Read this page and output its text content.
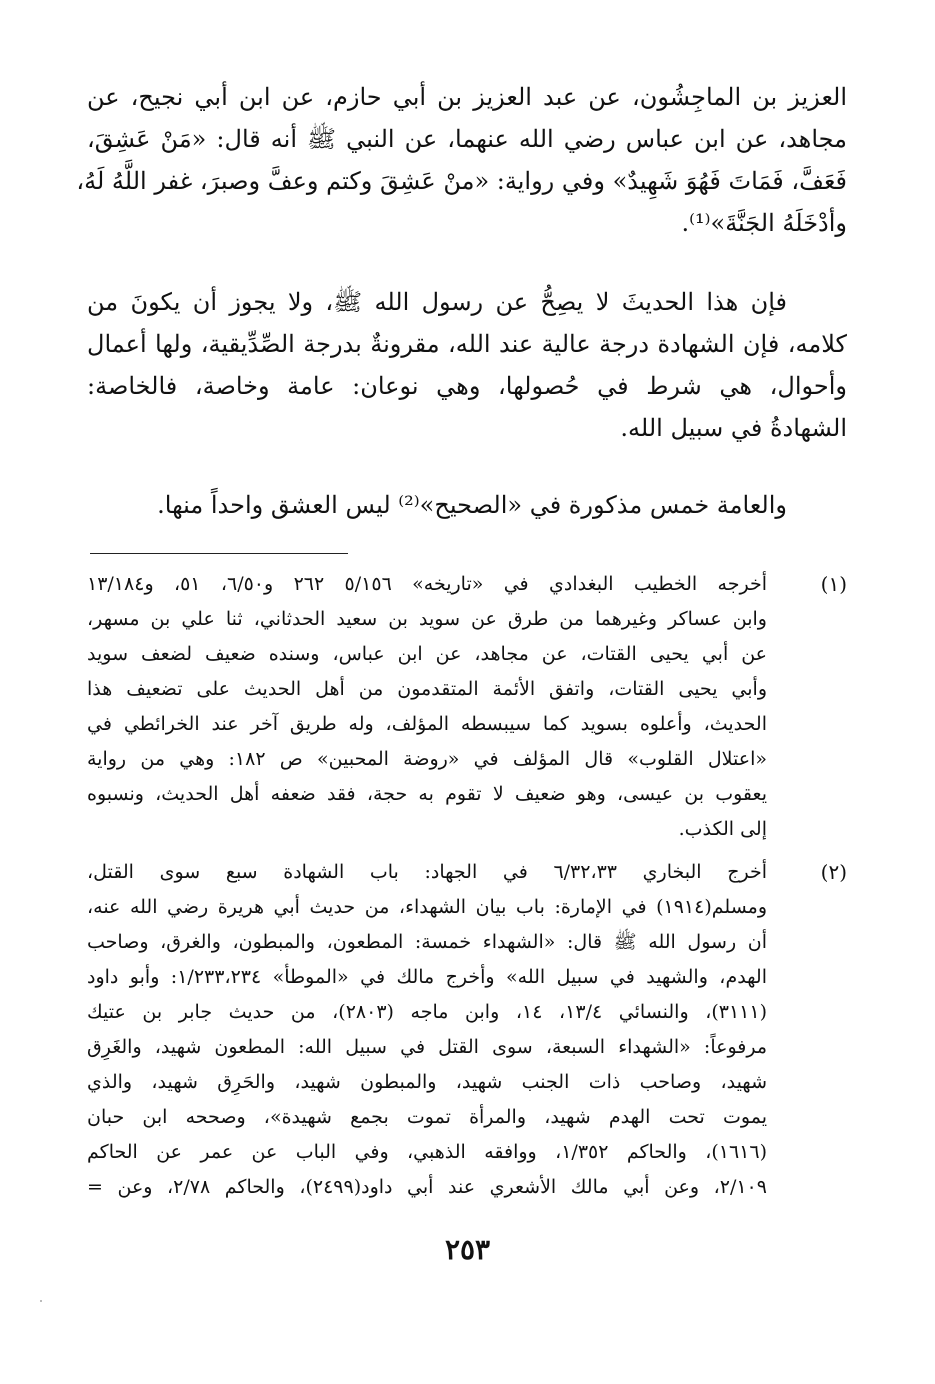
العزيز بن الماجِشُون، عن عبد العزيز بن أبي حازم، عن ابن أبي نجيح، عن
مجاهد، عن ابن عباس رضي الله عنهما، عن النبي ﷺ أنه قال: «مَنْ عَشِقَ،
فَعَفَّ، فَمَاتَ فَهُوَ شَهِيدٌ» وفي رواية: «منْ عَشِقَ وكتم وعفَّ وصبرَ، غفر اللَّهُ لَهُ،
وأدْخَلَهُ الجَنَّةَ»⁽¹⁾.
فإن هذا الحديثَ لا يصِحُّ عن رسول الله ﷺ، ولا يجوز أن يكونَ من
كلامه، فإن الشهادة درجة عالية عند الله، مقرونةٌ بدرجة الصِّدِّيقية، ولها أعمال
وأحوال، هي شرط في حُصولها، وهي نوعان: عامة وخاصة، فالخاصة:
الشهادةُ في سبيل الله.
والعامة خمس مذكورة في «الصحيح»⁽²⁾ ليس العشق واحداً منها.
(١)
أخرجه الخطيب البغدادي في «تاريخه» ٥/١٥٦ ٢٦٢ و٦/٥٠، ٥١، و١٣/١٨٤
وابن عساكر وغيرهما من طرق عن سويد بن سعيد الحدثاني، ثنا علي بن مسهر،
عن أبي يحيى القتات، عن مجاهد، عن ابن عباس، وسنده ضعيف لضعف سويد
وأبي يحيى القتات، واتفق الأئمة المتقدمون من أهل الحديث على تضعيف هذا
الحديث، وأعلوه بسويد كما سيبسطه المؤلف، وله طريق آخر عند الخرائطي في
«اعتلال القلوب» قال المؤلف في «روضة المحبين» ص ١٨٢: وهي من رواية
يعقوب بن عيسى، وهو ضعيف لا تقوم به حجة، فقد ضعفه أهل الحديث، ونسبوه
إلى الكذب.
(٢)
أخرج البخاري ٦/٣٢،٣٣ في الجهاد: باب الشهادة سبع سوى القتل،
ومسلم(١٩١٤) في الإمارة: باب بيان الشهداء، من حديث أبي هريرة رضي الله عنه،
أن رسول الله ﷺ قال: «الشهداء خمسة: المطعون، والمبطون، والغرق، وصاحب
الهدم، والشهيد في سبيل الله» وأخرج مالك في «الموطأ» ١/٢٣٣،٢٣٤: وأبو داود
(٣١١١)، والنسائي ١٣/٤، ١٤، وابن ماجه (٢٨٠٣)، من حديث جابر بن عتيك
مرفوعاً: «الشهداء السبعة، سوى القتل في سبيل الله: المطعون شهيد، والغَرِق
شهيد، وصاحب ذات الجنب شهيد، والمبطون شهيد، والحَرِق شهيد، والذي
يموت تحت الهدم شهيد، والمرأة تموت بجمع شهيدة»، وصححه ابن حبان
(١٦١٦)، والحاكم ١/٣٥٢، ووافقه الذهبي، وفي الباب عن عمر عن الحاكم
٢/١٠٩، وعن أبي مالك الأشعري عند أبي داود(٢٤٩٩)، والحاكم ٢/٧٨، وعن =
٢٥٣
